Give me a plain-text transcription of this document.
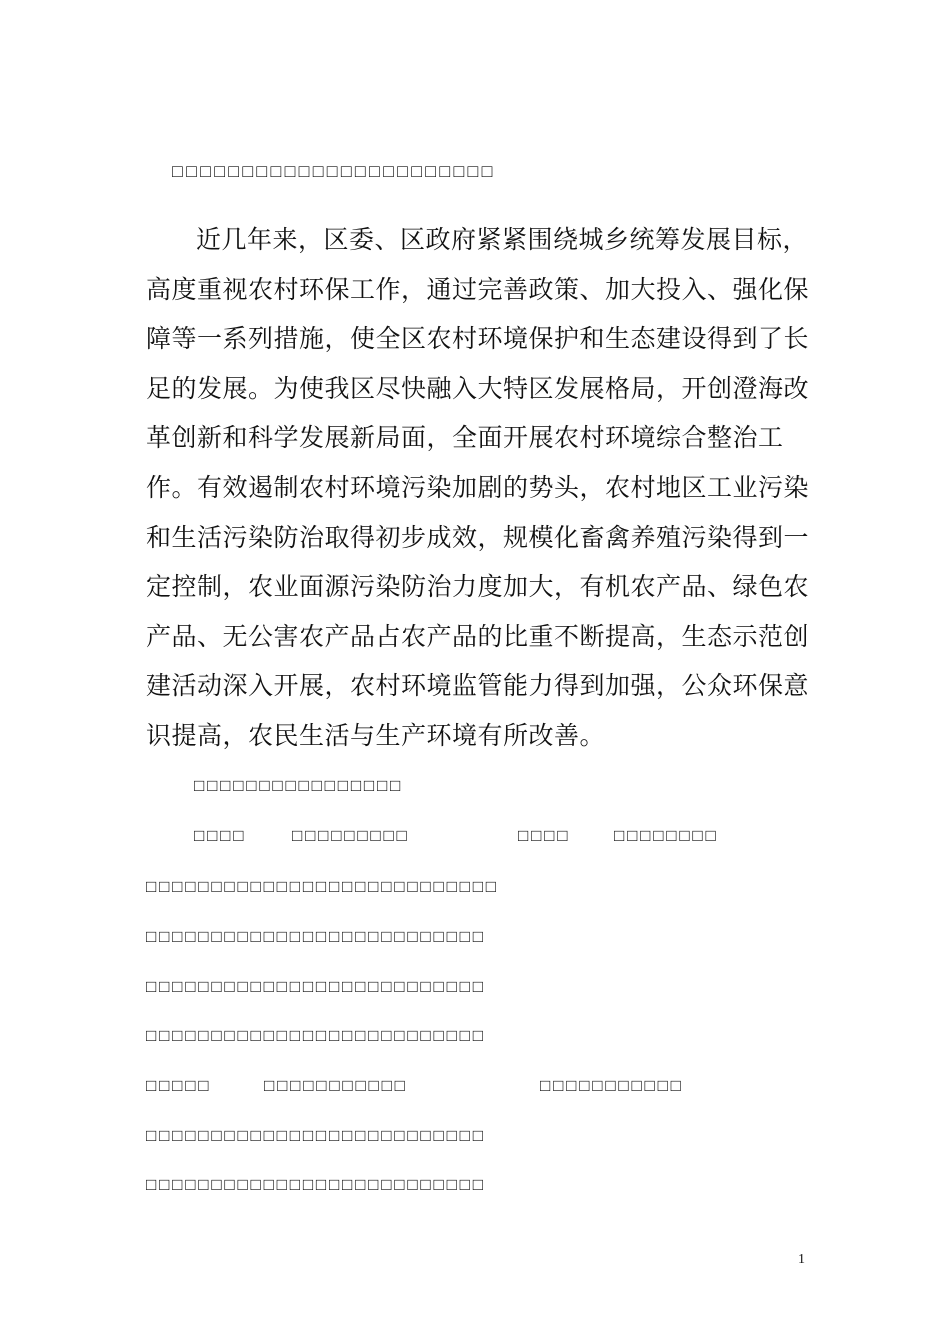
□□□□□□□□□□□□□□□□□□□□□□□
近几年来，区委、区政府紧紧围绕城乡统筹发展目标，
高度重视农村环保工作，通过完善政策、加大投入、强化保
障等一系列措施，使全区农村环境保护和生态建设得到了长
足的发展。为使我区尽快融入大特区发展格局，开创澄海改
革创新和科学发展新局面，全面开展农村环境综合整治工
作。有效遏制农村环境污染加剧的势头，农村地区工业污染
和生活污染防治取得初步成效，规模化畜禽养殖污染得到一
定控制，农业面源污染防治力度加大，有机农产品、绿色农
产品、无公害农产品占农产品的比重不断提高，生态示范创
建活动深入开展，农村环境监管能力得到加强，公众环保意
识提高，农民生活与生产环境有所改善。
□□□□□□□□□□□□□□□□
□□□□	□□□□□□□□□	□□□□	□□□□□□□□
□□□□□□□□□□□□□□□□□□□□□□□□□□□
□□□□□□□□□□□□□□□□□□□□□□□□□□
□□□□□□□□□□□□□□□□□□□□□□□□□□
□□□□□□□□□□□□□□□□□□□□□□□□□□
□□□□□	□□□□□□□□□□□	□□□□□□□□□□□
□□□□□□□□□□□□□□□□□□□□□□□□□□
□□□□□□□□□□□□□□□□□□□□□□□□□□
1
